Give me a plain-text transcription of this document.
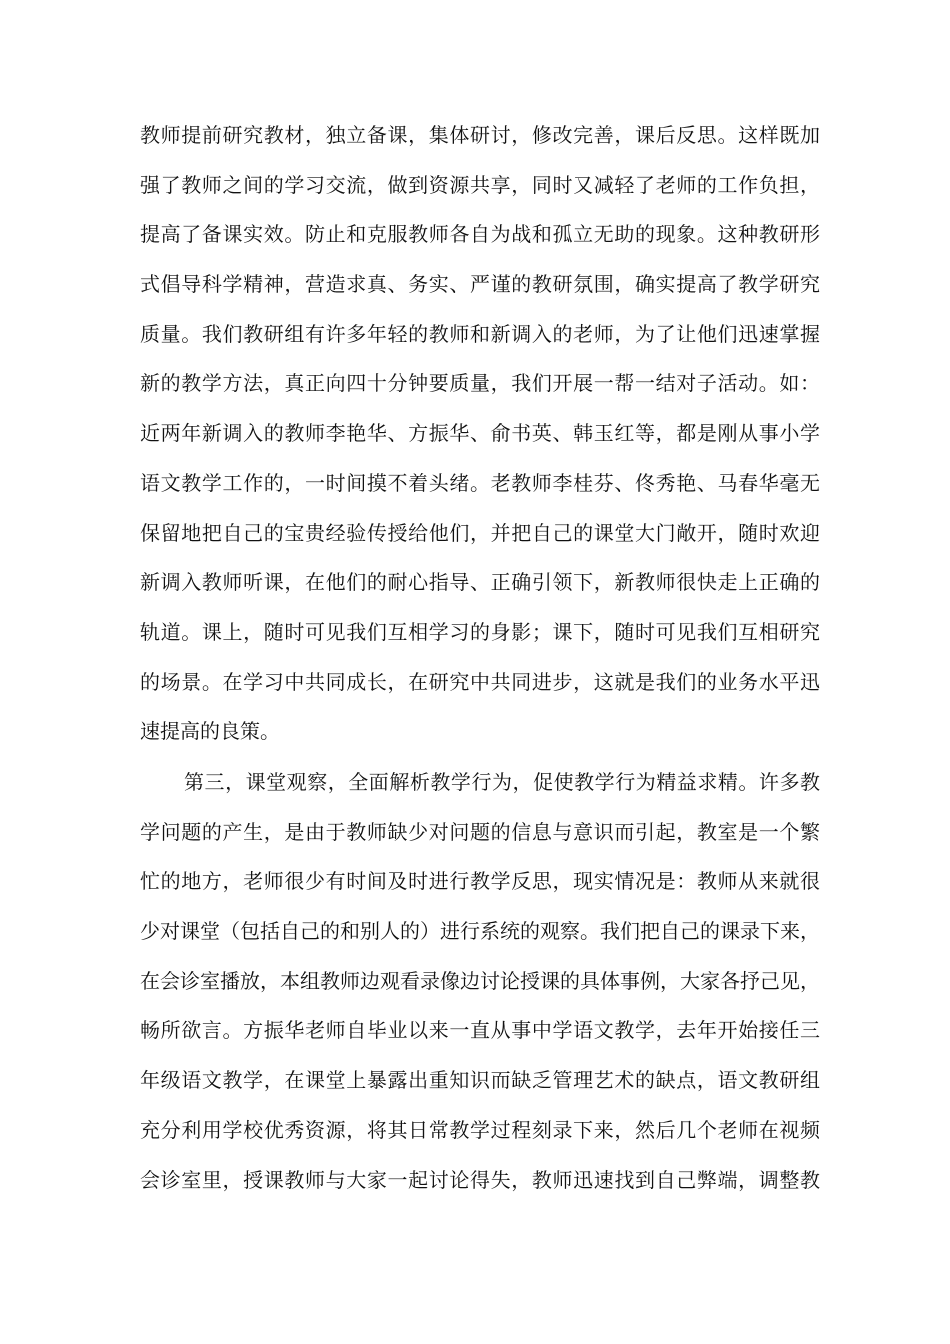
教师提前研究教材，独立备课，集体研讨，修改完善，课后反思。这样既加
强了教师之间的学习交流，做到资源共享，同时又减轻了老师的工作负担，
提高了备课实效。防止和克服教师各自为战和孤立无助的现象。这种教研形
式倡导科学精神，营造求真、务实、严谨的教研氛围，确实提高了教学研究
质量。我们教研组有许多年轻的教师和新调入的老师，为了让他们迅速掌握
新的教学方法，真正向四十分钟要质量，我们开展一帮一结对子活动。如：
近两年新调入的教师李艳华、方振华、俞书英、韩玉红等，都是刚从事小学
语文教学工作的，一时间摸不着头绪。老教师李桂芬、佟秀艳、马春华毫无
保留地把自己的宝贵经验传授给他们，并把自己的课堂大门敞开，随时欢迎
新调入教师听课，在他们的耐心指导、正确引领下，新教师很快走上正确的
轨道。课上，随时可见我们互相学习的身影；课下，随时可见我们互相研究
的场景。在学习中共同成长，在研究中共同进步，这就是我们的业务水平迅
速提高的良策。
第三，课堂观察，全面解析教学行为，促使教学行为精益求精。许多教
学问题的产生，是由于教师缺少对问题的信息与意识而引起，教室是一个繁
忙的地方，老师很少有时间及时进行教学反思，现实情况是：教师从来就很
少对课堂（包括自己的和别人的）进行系统的观察。我们把自己的课录下来，
在会诊室播放，本组教师边观看录像边讨论授课的具体事例，大家各抒己见，
畅所欲言。方振华老师自毕业以来一直从事中学语文教学，去年开始接任三
年级语文教学，在课堂上暴露出重知识而缺乏管理艺术的缺点，语文教研组
充分利用学校优秀资源，将其日常教学过程刻录下来，然后几个老师在视频
会诊室里，授课教师与大家一起讨论得失，教师迅速找到自己弊端，调整教
